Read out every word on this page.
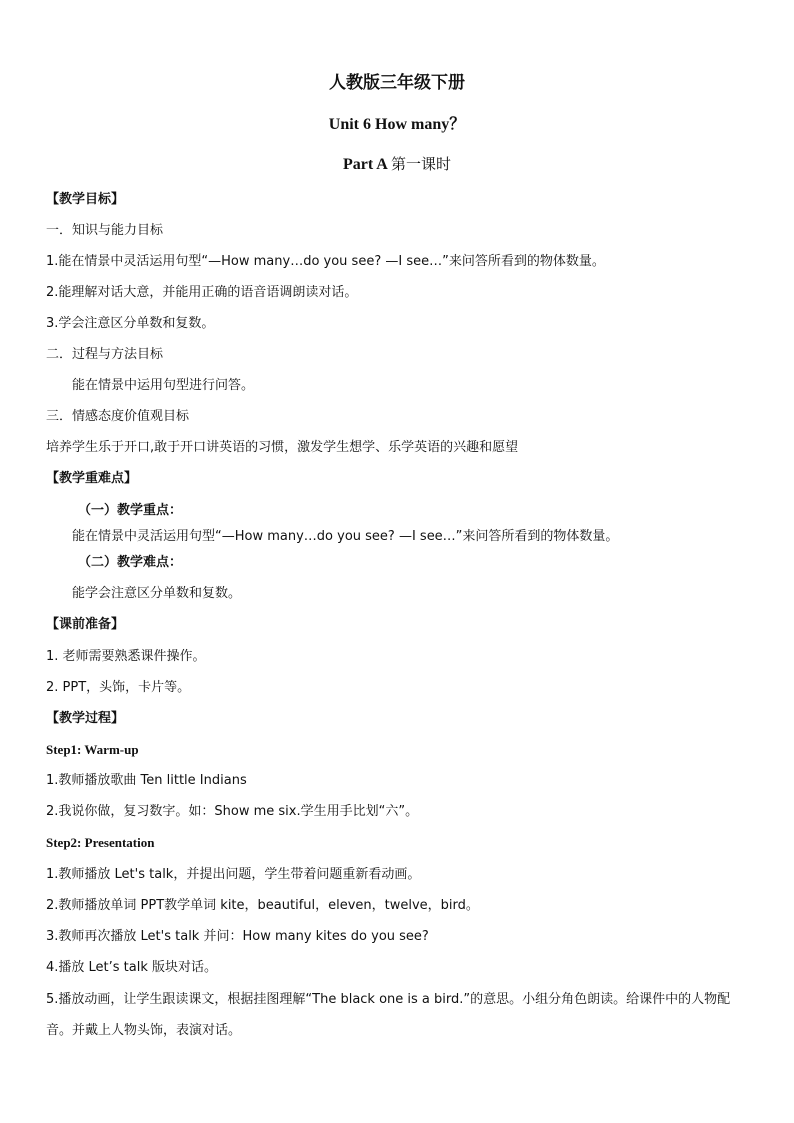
人教版三年级下册
Unit 6 How many？
Part A 第一课时
【教学目标】
一．知识与能力目标
1.能在情景中灵活运用句型“—How many…do you see? —I see…”来问答所看到的物体数量。
2.能理解对话大意，并能用正确的语音语调朗读对话。
3.学会注意区分单数和复数。
二．过程与方法目标
能在情景中运用句型进行问答。
三．情感态度价值观目标
培养学生乐于开口,敢于开口讲英语的习惯，激发学生想学、乐学英语的兴趣和愿望
【教学重难点】
（一）教学重点：
能在情景中灵活运用句型“—How many…do you see? —I see…”来问答所看到的物体数量。
（二）教学难点：
能学会注意区分单数和复数。
【课前准备】
1. 老师需要熟悉课件操作。
2. PPT，头饰，卡片等。
【教学过程】
Step1: Warm-up
1.教师播放歌曲 Ten little Indians
2.我说你做，复习数字。如：Show me six.学生用手比划“六”。
Step2: Presentation
1.教师播放 Let's talk，并提出问题，学生带着问题重新看动画。
2.教师播放单词 PPT教学单词 kite，beautiful，eleven，twelve，bird。
3.教师再次播放 Let's talk 并问：How many kites do you see?
4.播放 Let’s talk 版块对话。
5.播放动画，让学生跟读课文，根据挂图理解“The black one is a bird.”的意思。小组分角色朗读。给课件中的人物配
音。并戴上人物头饰，表演对话。
